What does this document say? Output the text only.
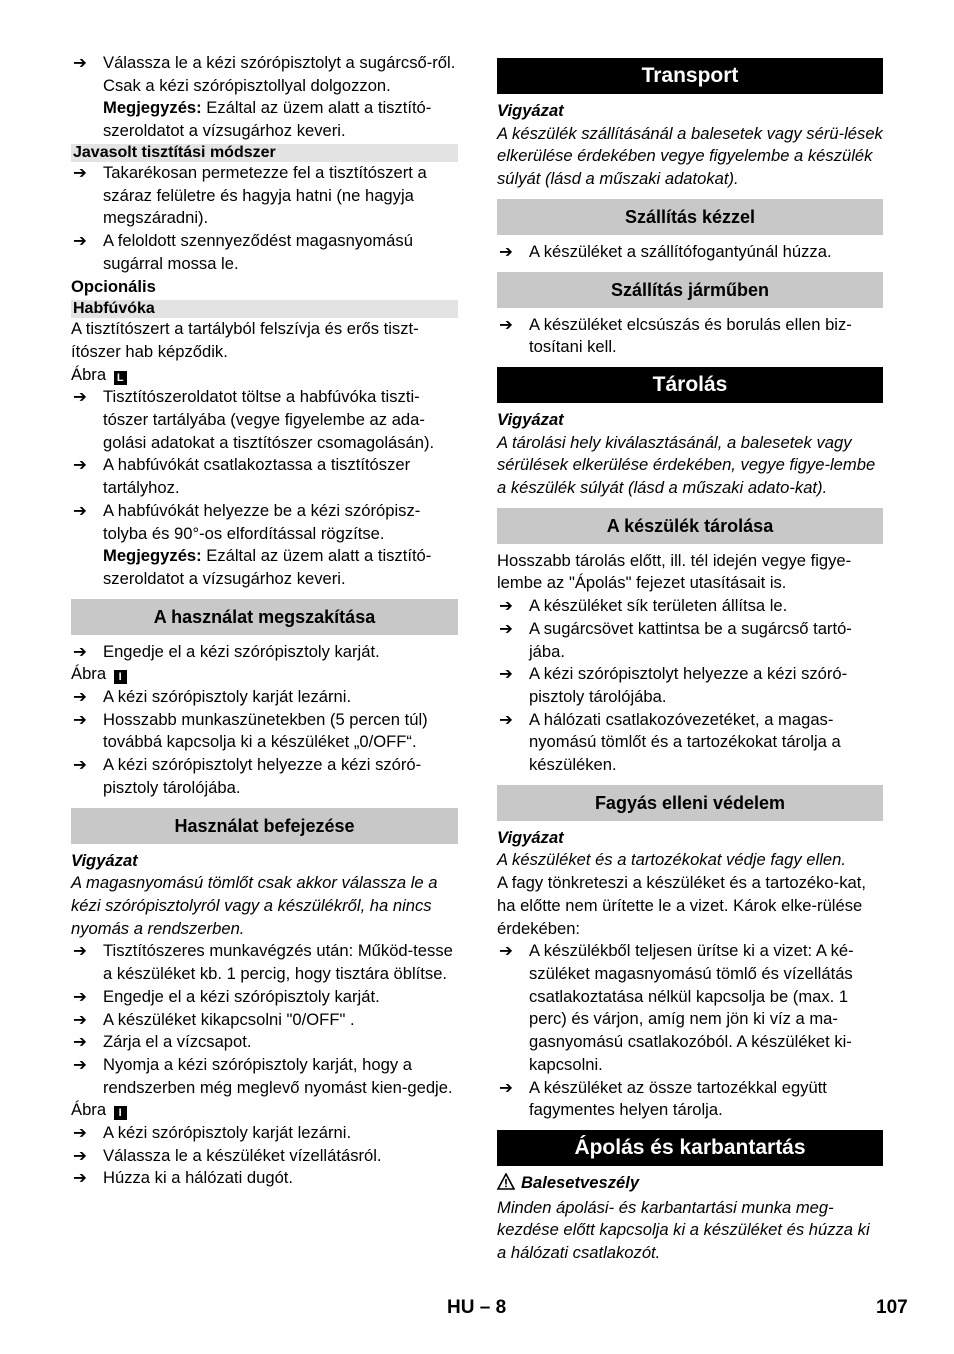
➔ Válassza le a kézi szórópisztolyt a sugárcső-ről. Csak a kézi szórópisztollyal dolgozzon.
Megjegyzés: Ezáltal az üzem alatt a tisztító-szeroldatot a vízsugárhoz keveri.
Javasolt tisztítási módszer
➔ Takarékosan permetezze fel a tisztítószert a száraz felületre és hagyja hatni (ne hagyja megszáradni).
➔ A feloldott szennyeződést magasnyomású sugárral mossa le.
Opcionális
Habfúvóka
A tisztítószert a tartályból felszívja és erős tiszt-ítószer hab képződik.
Ábra L
➔ Tisztítószeroldatot töltse a habfúvóka tiszti-tószer tartályába (vegye figyelembe az ada-golási adatokat a tisztítószer csomagolásán).
➔ A habfúvókát csatlakoztassa a tisztítószer tartályhoz.
➔ A habfúvókát helyezze be a kézi szórópisz-tolyba és 90°-os elfordítással rögzítse.
Megjegyzés: Ezáltal az üzem alatt a tisztító-szeroldatot a vízsugárhoz keveri.
A használat megszakítása
➔ Engedje el a kézi szórópisztoly karját.
Ábra I
➔ A kézi szórópisztoly karját lezárni.
➔ Hosszabb munkaszünetekben (5 percen túl) továbbá kapcsolja ki a készüléket „0/OFF“.
➔ A kézi szórópisztolyt helyezze a kézi szóró-pisztoly tárolójába.
Használat befejezése
Vigyázat
A magasnyomású tömlőt csak akkor válassza le a kézi szórópisztolyról vagy a készülékről, ha nincs nyomás a rendszerben.
➔ Tisztítószeres munkavégzés után: Működ-tesse a készüléket kb. 1 percig, hogy tisztára öblítse.
➔ Engedje el a kézi szórópisztoly karját.
➔ A készüléket kikapcsolni "0/OFF" .
➔ Zárja el a vízcsapot.
➔ Nyomja a kézi szórópisztoly karját, hogy a rendszerben még meglevő nyomást kien-gedje.
Ábra I
➔ A kézi szórópisztoly karját lezárni.
➔ Válassza le a készüléket vízellátásról.
➔ Húzza ki a hálózati dugót.
Transport
Vigyázat
A készülék szállításánál a balesetek vagy sérü-lések elkerülése érdekében vegye figyelembe a készülék súlyát (lásd a műszaki adatokat).
Szállítás kézzel
➔ A készüléket a szállítófogantyúnál húzza.
Szállítás járműben
➔ A készüléket elcsúszás és borulás ellen biz-tosítani kell.
Tárolás
Vigyázat
A tárolási hely kiválasztásánál, a balesetek vagy sérülések elkerülése érdekében, vegye figye-lembe a készülék súlyát (lásd a műszaki adato-kat).
A készülék tárolása
Hosszabb tárolás előtt, ill. tél idején vegye figye-lembe az "Ápolás" fejezet utasításait is.
➔ A készüléket sík területen állítsa le.
➔ A sugárcsövet kattintsa be a sugárcső tartó-jába.
➔ A kézi szórópisztolyt helyezze a kézi szóró-pisztoly tárolójába.
➔ A hálózati csatlakozóvezetéket, a magas-nyomású tömlőt és a tartozékokat tárolja a készüléken.
Fagyás elleni védelem
Vigyázat
A készüléket és a tartozékokat védje fagy ellen.
A fagy tönkreteszi a készüléket és a tartozéko-kat, ha előtte nem ürítette le a vizet. Károk elke-rülése érdekében:
➔ A készülékből teljesen ürítse ki a vizet: A ké-szüléket magasnyomású tömlő és vízellátás csatlakoztatása nélkül kapcsolja be (max. 1 perc) és várjon, amíg nem jön ki víz a ma-gasnyomású csatlakozóból. A készüléket ki-kapcsolni.
➔ A készüléket az össze tartozékkal együtt fagymentes helyen tárolja.
Ápolás és karbantartás
Balesetveszély
Minden ápolási- és karbantartási munka meg-kezdése előtt kapcsolja ki a készüléket és húzza ki a hálózati csatlakozót.
HU – 8	107
